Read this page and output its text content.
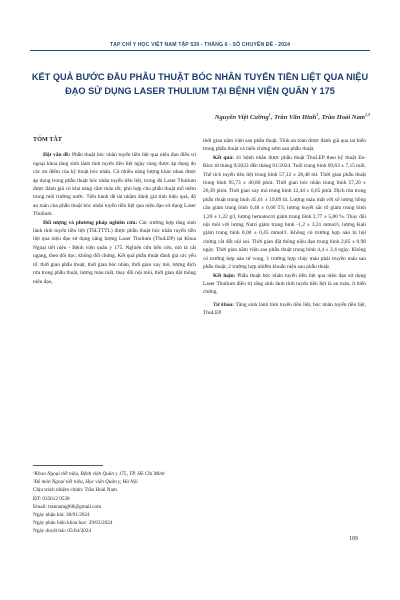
TẠP CHÍ Y HỌC VIỆT NAM TẬP 539 - THÁNG 6 - SỐ CHUYÊN ĐỀ - 2024
KẾT QUẢ BƯỚC ĐẦU PHẪU THUẬT BÓC NHÂN TUYẾN TIỀN LIỆT QUA NIỆU ĐẠO SỬ DỤNG LASER THULIUM TẠI BỆNH VIỆN QUÂN Y 175
Nguyễn Việt Cường$^1$, Trần Văn Hinh$^2$, Trần Hoài Nam$^{1,2}$
TÓM TẮT

Đặt vấn đề: Phẫu thuật bóc nhân tuyến tiền liệt qua niệu đạo điều trị ngoại khoa tăng sinh lành tính tuyến tiền liệt ngày càng được áp dụng do các ưu điểm của kỹ thuật bóc nhân. Có nhiều năng lượng khác nhau được áp dụng trong phẫu thuật bóc nhân tuyến tiền liệt, trong đó Laser Thulium được đánh giá có khả năng cầm máu tốt, phù hợp cho phẫu thuật mổ mềm trong môi trường nước. Tiến hành đề tài nhằm đánh giá tính hiệu quả, độ an toàn của phẫu thuật bóc nhân tuyến tiền liệt qua niệu đạo sử dụng Laser Thulium.

Đối tượng và phương pháp nghiên cứu: Các trường hợp tăng sinh lành tính tuyến tiền liệt (TSLTTTL) được phẫu thuật bóc nhân tuyến tiền liệt qua niệu đạo sử dụng năng lượng Laser Thulium (ThuLEP) tại Khoa Ngoại tiết niệu - Bệnh viện quân y 175. Nghiên cứu tiến cứu, mô tả cắt ngang, theo dõi dọc, không đối chứng. Kết quả phẫu thuật đánh giá các yếu tố: thời gian phẫu thuật, thời gian bóc nhân, thời gian xay mô, lượng dịch rửa trong phẫu thuật, lượng máu mất, thay đổi nội môi, thời gian đặt thông niệu đạo,

¹Khoa Ngoại tiết niệu, Bệnh viện Quân y 175, TP. Hồ Chí Minh
²Bộ môn Ngoại tiết niệu, Học viện Quân y, Hà Nội
Chịu trách nhiệm chính: Trần Hoài Nam
ĐT: 035612 9538
Email: trannamgl68@gmail.com
Ngày nhận bài: 30/01/2024
Ngày phản biện khoa học: 29/03/2024
Ngày duyệt bài: 05/04/2024

thời gian nằm viện sau phẫu thuật. Tính an toàn được đánh giá qua tai biến trong phẫu thuật và biến chứng sớm sau phẫu thuật.

Kết quả: 41 bệnh nhân được phẫu thuật ThuLEP theo kỹ thuật En-Bloc từ tháng 9/2023 đến tháng 01/2024. Tuổi trung bình 69,63 ± 7,15 tuổi. Thể tích tuyến tiền liệt trung bình 57,12 ± 28,48 ml. Thời gian phẫu thuật trung bình 95,73 ± 40,80 phút. Thời gian bóc nhân trung bình 57,20 ± 26,39 phút. Thời gian xay mô trung bình 12,44 ± 6,65 phút. Dịch rửa trong phẫu thuật trung bình 45,61 ± 19,09 lít. Lượng máu mất với số lượng hồng cầu giảm trung bình 0,48 ± 0,60 T/l, lượng huyết sắc tố giảm trung bình 1,20 ± 1,22 g/l, lượng hematocrit giảm trung bình 2,77 ± 5,80 %. Thay đổi nội môi với lượng Natri giảm trung bình -1,2 ± 3,31 mmol/l, lượng Kali giảm trung bình 0,00 ± 0,45 mmol/l. Không có trường hợp nào bị hội chứng cắt đốt nội soi. Thời gian đặt thông niệu đạo trung bình 2,85 ± 0,98 ngày. Thời gian nằm viện sau phẫu thuật trung bình 4,4 ± 2,4 ngày. Không có trường hợp nào tử vong, 1 trường hợp chảy máu phải truyền máu sau phẫu thuật, 2 trường hợp nhiễm khuẩn niệu sau phẫu thuật.

Kết luận: Phẫu thuật bóc nhân tuyến tiền liệt qua niệu đạo sử dụng Laser Thulium điều trị tăng sinh lành tính tuyến tiền liệt là an toàn, ít biến chứng.

Từ khóa: Tăng sinh lành tính tuyến tiền liệt, bóc nhân tuyến tiền liệt, ThuLEP

189
